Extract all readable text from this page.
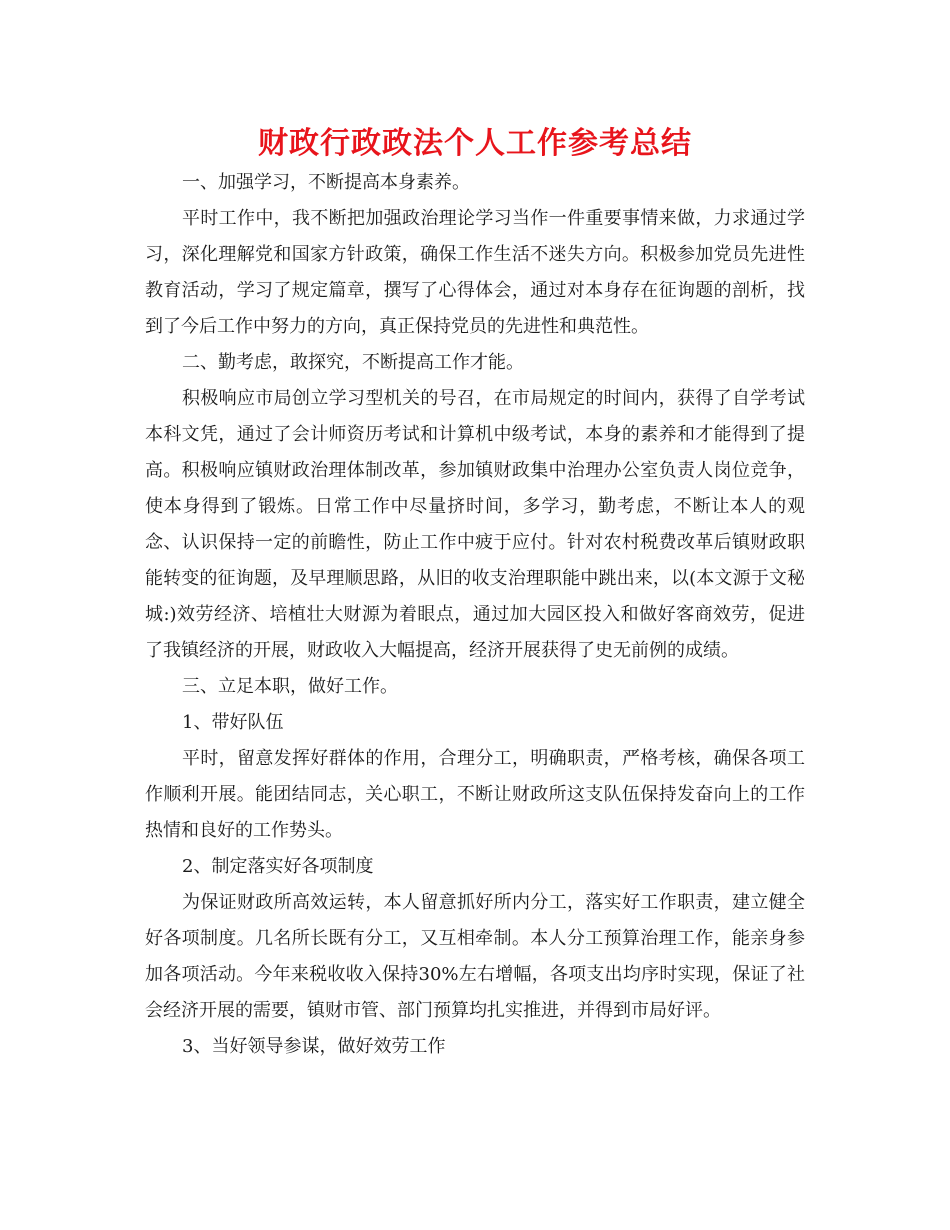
财政行政政法个人工作参考总结

一、加强学习，不断提高本身素养。

平时工作中，我不断把加强政治理论学习当作一件重要事情来做，力求通过学习，深化理解党和国家方针政策，确保工作生活不迷失方向。积极参加党员先进性教育活动，学习了规定篇章，撰写了心得体会，通过对本身存在征询题的剖析，找到了今后工作中努力的方向，真正保持党员的先进性和典范性。

二、勤考虑，敢探究，不断提高工作才能。

积极响应市局创立学习型机关的号召，在市局规定的时间内，获得了自学考试本科文凭，通过了会计师资历考试和计算机中级考试，本身的素养和才能得到了提高。积极响应镇财政治理体制改革，参加镇财政集中治理办公室负责人岗位竞争，使本身得到了锻炼。日常工作中尽量挤时间，多学习，勤考虑，不断让本人的观念、认识保持一定的前瞻性，防止工作中疲于应付。针对农村税费改革后镇财政职能转变的征询题，及早理顺思路，从旧的收支治理职能中跳出来，以(本文源于文秘城:)效劳经济、培植壮大财源为着眼点，通过加大园区投入和做好客商效劳，促进了我镇经济的开展，财政收入大幅提高，经济开展获得了史无前例的成绩。

三、立足本职，做好工作。

1、带好队伍

平时，留意发挥好群体的作用，合理分工，明确职责，严格考核，确保各项工作顺利开展。能团结同志，关心职工，不断让财政所这支队伍保持发奋向上的工作热情和良好的工作势头。

2、制定落实好各项制度

为保证财政所高效运转，本人留意抓好所内分工，落实好工作职责，建立健全好各项制度。几名所长既有分工，又互相牵制。本人分工预算治理工作，能亲身参加各项活动。今年来税收收入保持30%左右增幅，各项支出均序时实现，保证了社会经济开展的需要，镇财市管、部门预算均扎实推进，并得到市局好评。

3、当好领导参谋，做好效劳工作
